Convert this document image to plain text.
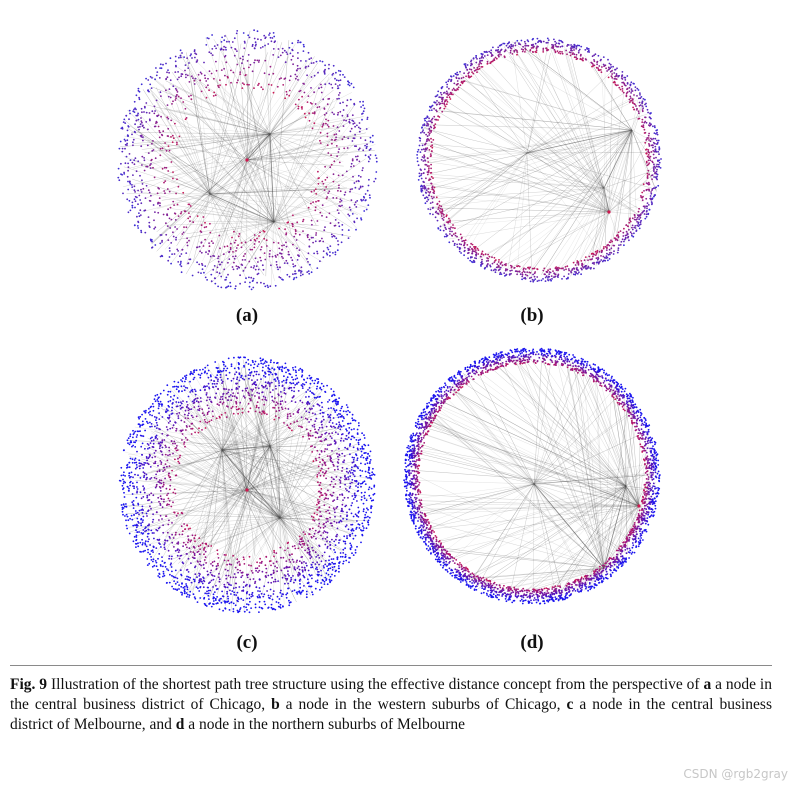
(a)	(b)
(c)	(d)
Fig. 9 Illustration of the shortest path tree structure using the effective distance concept from the perspective of a a node in the central business district of Chicago, b a node in the western suburbs of Chicago, c a node in the central business district of Melbourne, and d a node in the northern suburbs of Melbourne
CSDN @rgb2gray
